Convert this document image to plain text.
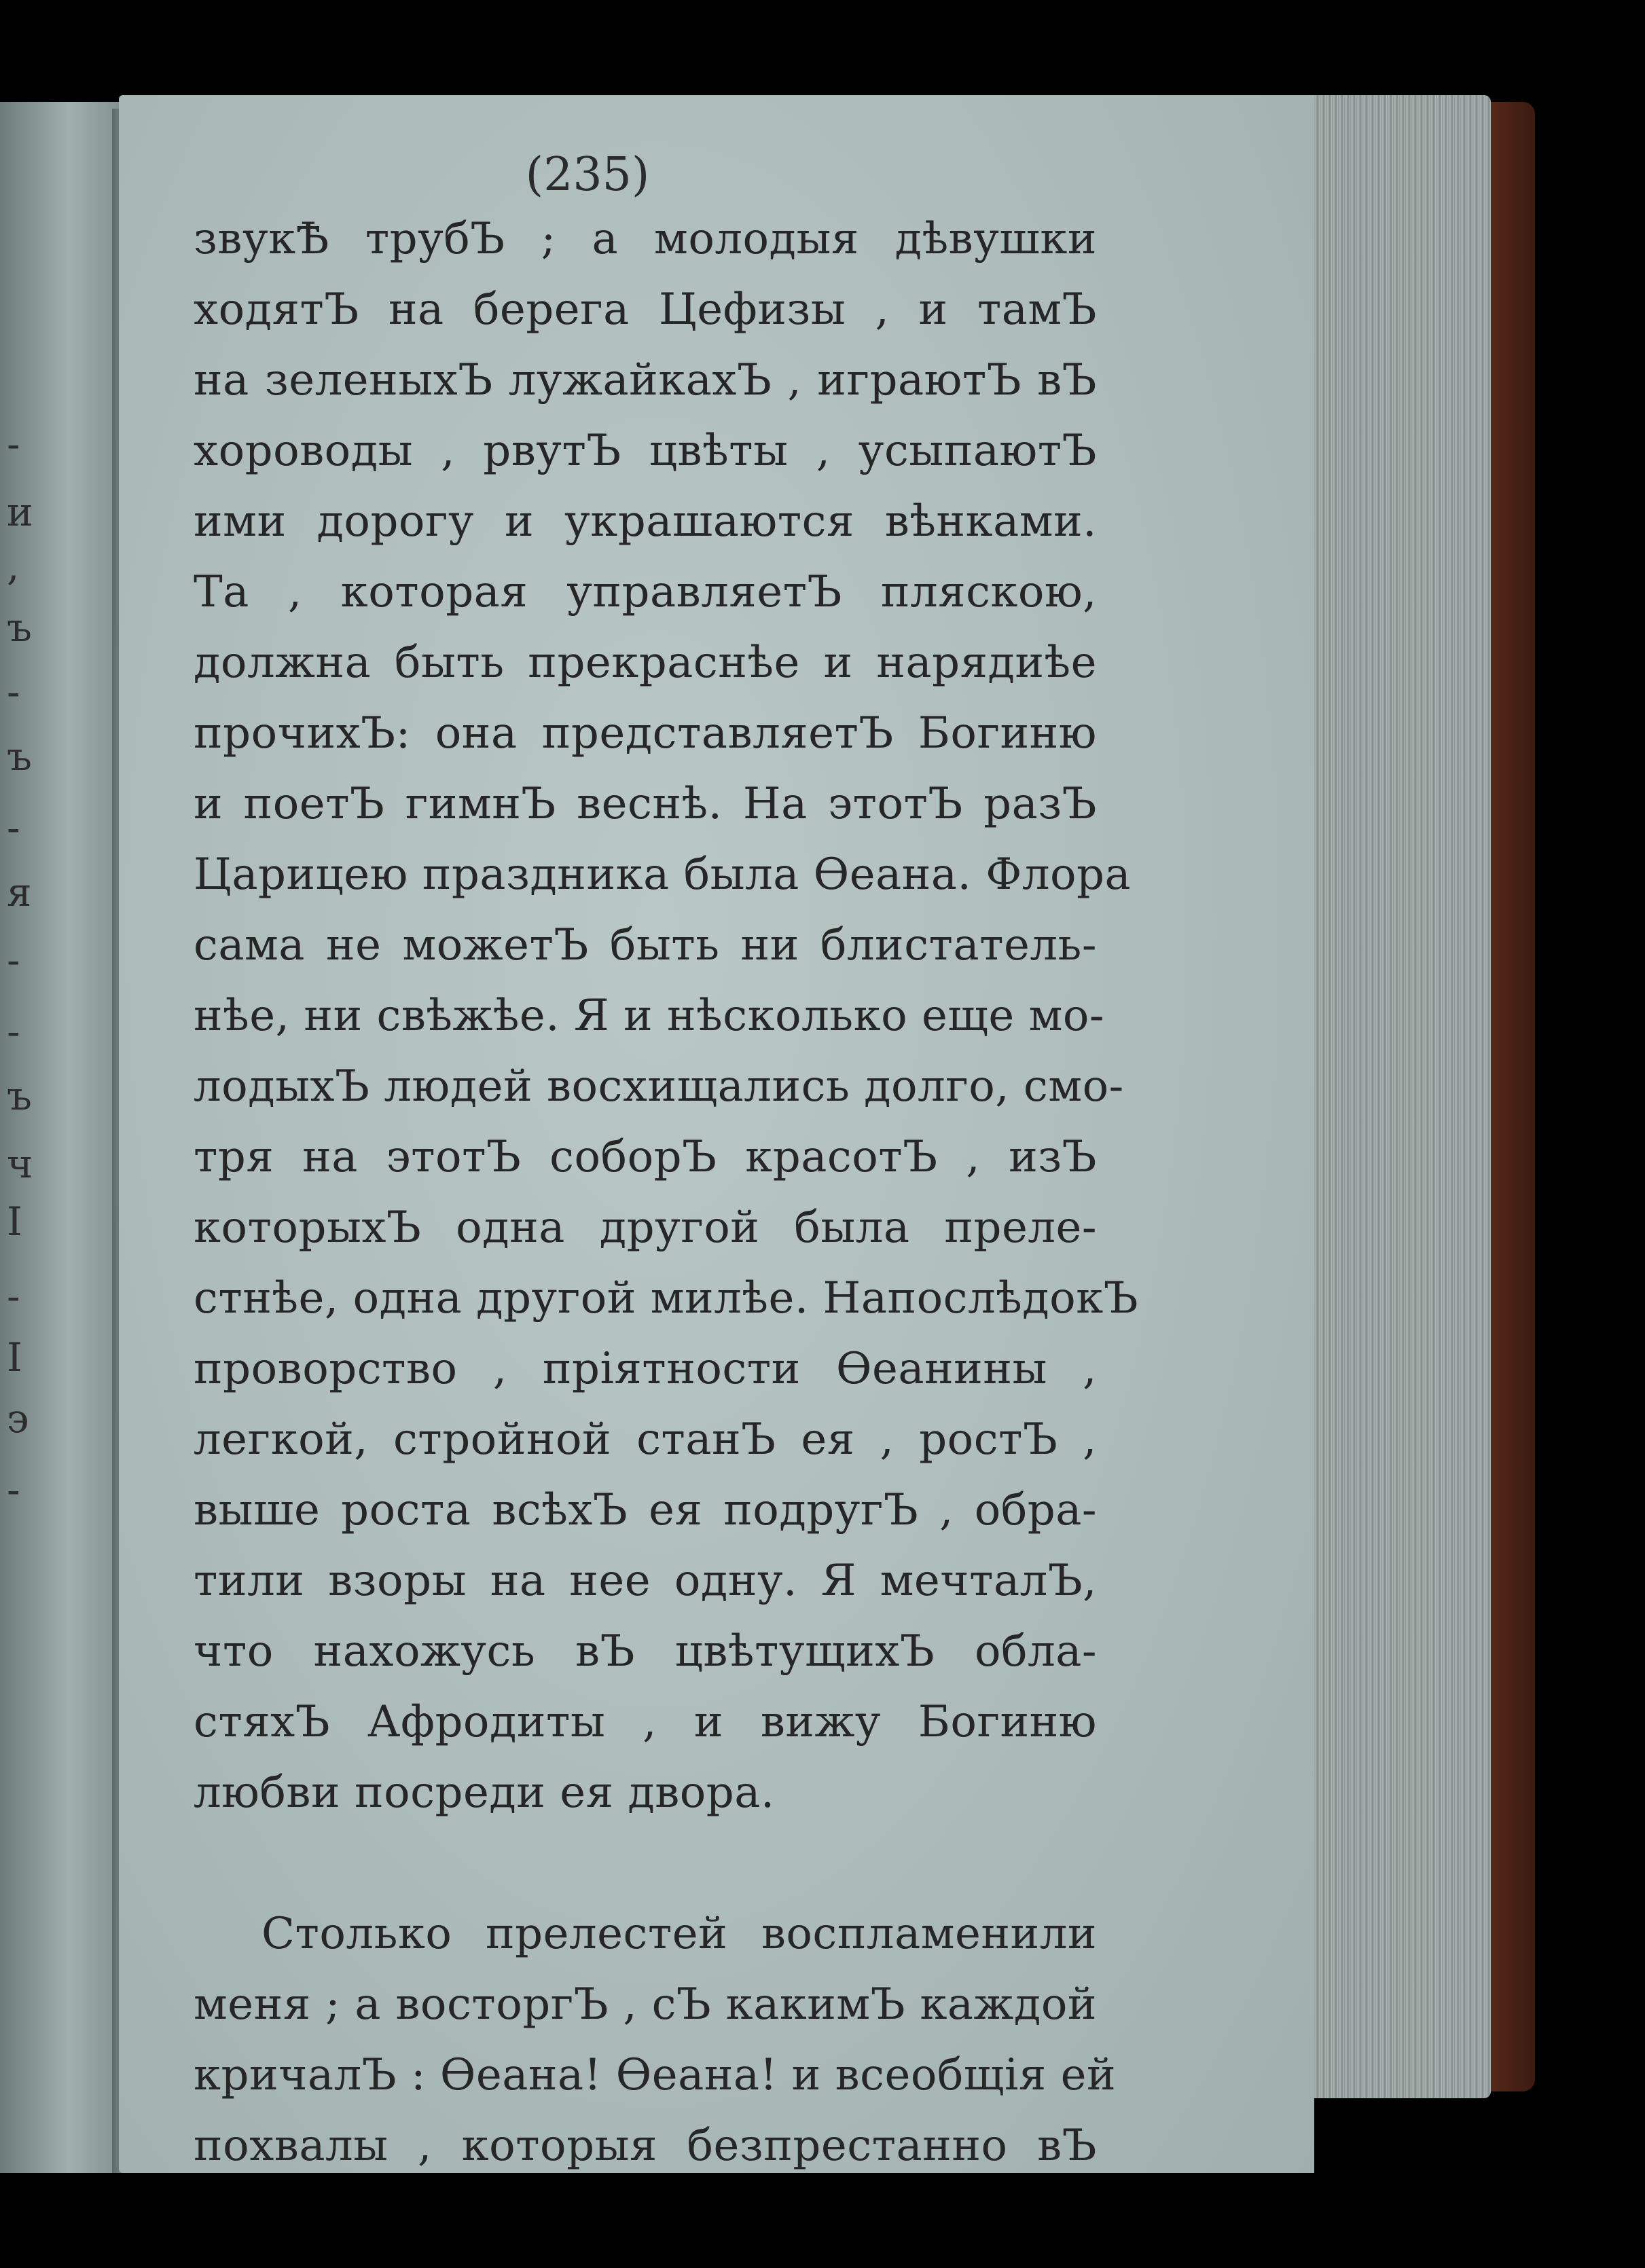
-
и
,
ъ
-
ъ
-
я
-
-
ъ
ч
I
-
I
э
-
(235)
звукѢ трубЪ ; а молодыя дѣвушки
ходятЪ на берега Цефизы , и тамЪ
на зеленыхЪ лужайкахЪ , играютЪ вЪ
хороводы , рвутЪ цвѣты , усыпаютЪ
ими дорогу и украшаются вѣнками.
Та , которая управляетЪ пляскою,
должна быть прекраснѣе и нарядиѣе
прочихЪ: она представляетЪ Богиню
и поетЪ гимнЪ веснѣ. На этотЪ разЪ
Царицею праздника была Ѳеана. Флора
сама не можетЪ быть ни блистатель-
нѣе, ни свѣжѣе. Я и нѣсколько еще мо-
лодыхЪ людей восхищались долго, смо-
тря на этотЪ соборЪ красотЪ , изЪ
которыхЪ одна другой была преле-
стнѣе, одна другой милѣе. НапослѣдокЪ
проворство , пріятности Ѳеанины ,
легкой, стройной станЪ ея , ростЪ ,
выше роста всѣхЪ ея подругЪ , обра-
тили взоры на нее одну. Я мечталЪ,
что нахожусь вЪ цвѣтущихЪ обла-
стяхЪ Афродиты , и вижу Богиню
любви посреди ея двора.
Столько прелестей воспламенили
меня ; а восторгЪ , сЪ какимЪ каждой
кричалЪ : Ѳеана! Ѳеана! и всеобщія ей
похвалы , которыя безпрестанно вЪ
